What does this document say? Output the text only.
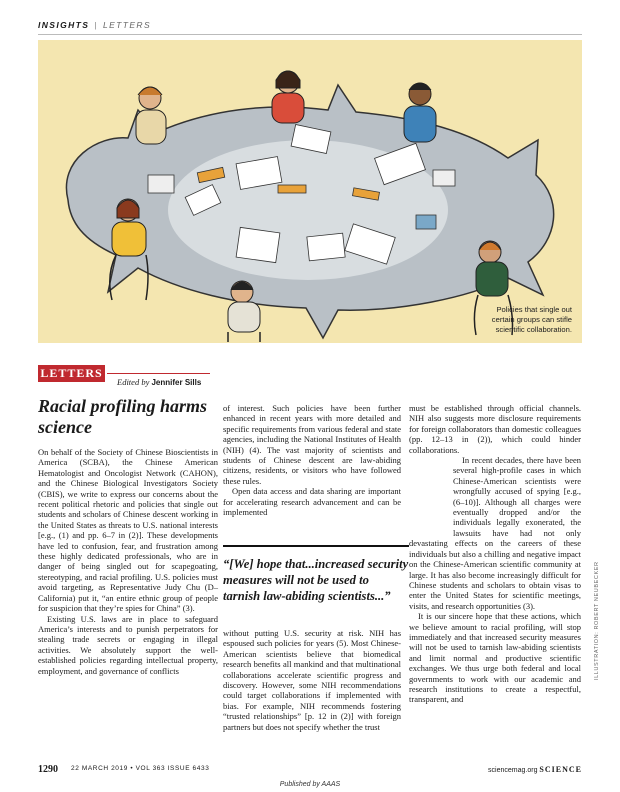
INSIGHTS | LETTERS
Policies that single out certain groups can stifle scientific collaboration.
ILLUSTRATION: ROBERT NEUBECKER
LETTERS
Edited by Jennifer Sills
Racial profiling harms science

On behalf of the Society of Chinese Bioscientists in America (SCBA), the Chinese American Hematologist and Oncologist Network (CAHON), and the Chinese Biological Investigators Society (CBIS), we write to express our concerns about the recent political rhetoric and policies that single out students and scholars of Chinese descent working in the United States as threats to U.S. national interests [e.g., (1) and pp. 6–7 in (2)]. These developments have led to confusion, fear, and frustration among these highly dedicated professionals, who are in danger of being singled out for scapegoating, stereotyping, and racial profiling. U.S. policies must avoid targeting, as Representative Judy Chu (D–California) put it, “an entire ethnic group of people for suspicion that they’re spies for China” (3).

Existing U.S. laws are in place to safeguard America’s interests and to punish perpetrators for stealing trade secrets or engaging in illegal activities. We absolutely support the well-established policies regarding intellectual property, employment, and governance of conflicts

of interest. Such policies have been further enhanced in recent years with more detailed and specific requirements from various federal and state agencies, including the National Institutes of Health (NIH) (4). The vast majority of scientists and students of Chinese descent are law-abiding citizens, residents, or visitors who have followed these rules.

Open data access and data sharing are important for accelerating research advancement and can be implemented

“[We] hope that...increased security measures will not be used to tarnish law-abiding scientists...”

without putting U.S. security at risk. NIH has espoused such policies for years (5). Most Chinese-American scientists believe that biomedical research benefits all mankind and that multinational collaborations accelerate scientific progress and discovery. However, some NIH recommendations could target collaborations if implemented with bias. For example, NIH recommends fostering “trusted relationships” [p. 12 in (2)] with foreign partners but does not specify whether the trust

must be established through official channels. NIH also suggests more disclosure requirements for foreign collaborators than domestic colleagues (pp. 12–13 in (2)), which could hinder collaborations.

In recent decades, there have been several high-profile cases in which Chinese-American scientists were wrongfully accused of spying [e.g., (6–10)]. Although all charges were eventually dropped and/or the individuals legally exonerated, the lawsuits have had not only devastating effects on the careers of these individuals but also a chilling and negative impact on the Chinese-American scientific community at large. It has also become increasingly difficult for Chinese students and scholars to obtain visas to enter the United States for scientific meetings, visits, and research opportunities (3).

It is our sincere hope that these actions, which we believe amount to racial profiling, will stop immediately and that increased security measures will not be used to tarnish law-abiding scientists and limit normal and productive scientific exchanges. We thus urge both federal and local governments to work with our academic and research institutions to create a respectful, transparent, and

1290 22 MARCH 2019 • VOL 363 ISSUE 6433	sciencemag.org SCIENCE
Published by AAAS
